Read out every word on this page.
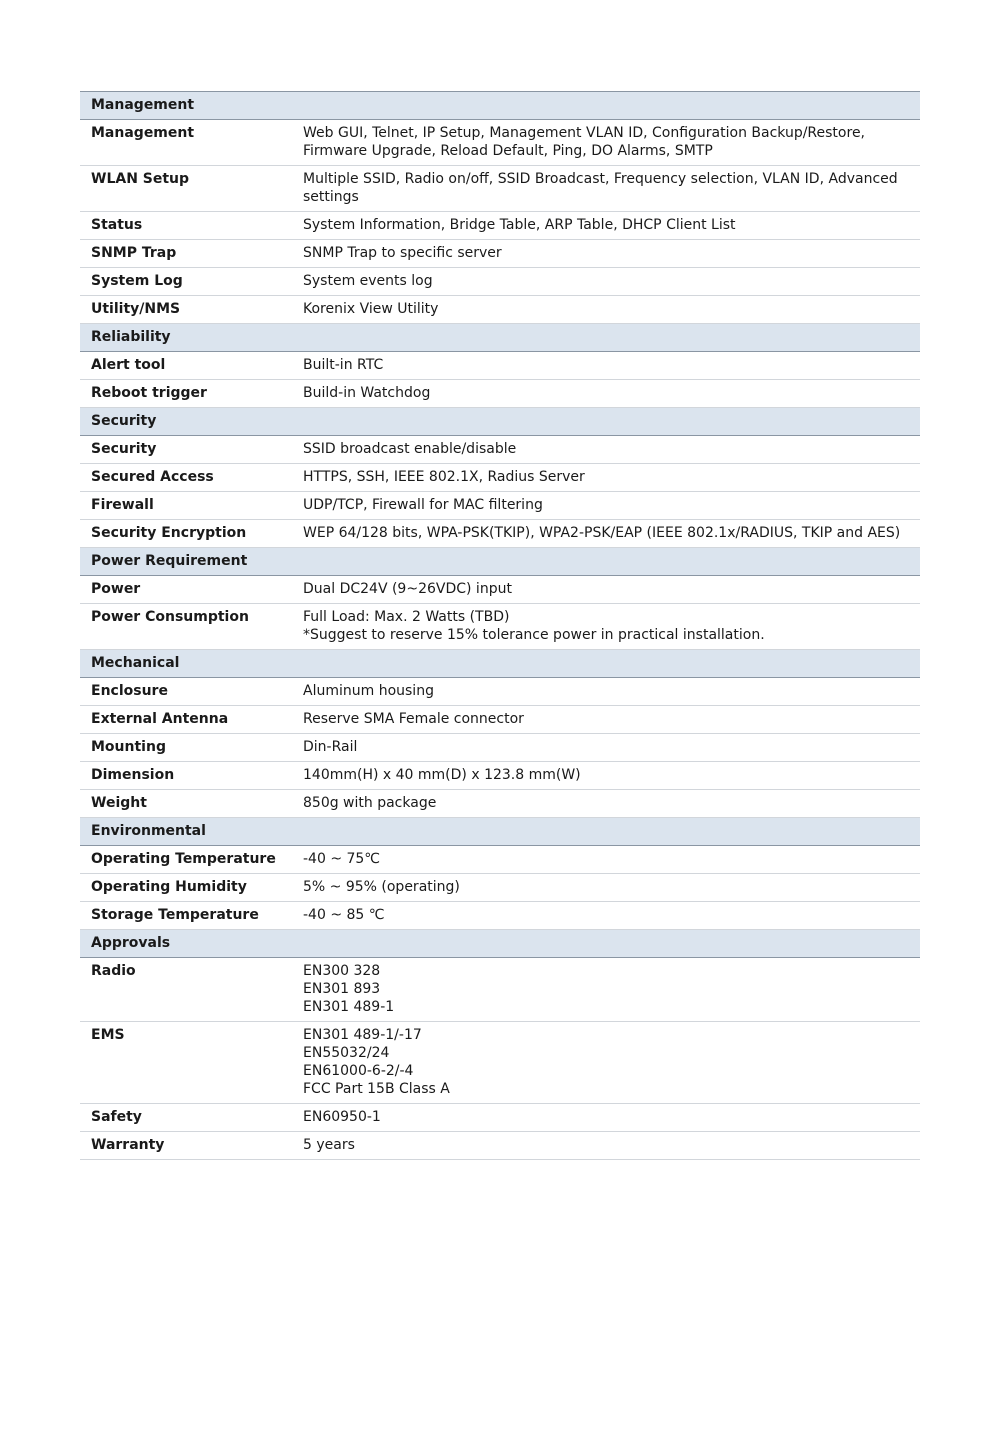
Management
Management	Web GUI, Telnet, IP Setup, Management VLAN ID, Configuration Backup/Restore,
Firmware Upgrade, Reload Default, Ping, DO Alarms, SMTP
WLAN Setup	Multiple SSID, Radio on/off, SSID Broadcast, Frequency selection, VLAN ID, Advanced
settings
Status	System Information, Bridge Table, ARP Table, DHCP Client List
SNMP Trap	SNMP Trap to specific server
System Log	System events log
Utility/NMS	Korenix View Utility
Reliability
Alert tool	Built-in RTC
Reboot trigger	Build-in Watchdog
Security
Security	SSID broadcast enable/disable
Secured Access	HTTPS, SSH, IEEE 802.1X, Radius Server
Firewall	UDP/TCP, Firewall for MAC filtering
Security Encryption	WEP 64/128 bits, WPA-PSK(TKIP), WPA2-PSK/EAP (IEEE 802.1x/RADIUS, TKIP and AES)
Power Requirement
Power	Dual DC24V (9~26VDC) input
Power Consumption	Full Load: Max. 2 Watts (TBD)
*Suggest to reserve 15% tolerance power in practical installation.
Mechanical
Enclosure	Aluminum housing
External Antenna	Reserve SMA Female connector
Mounting	Din-Rail
Dimension	140mm(H) x 40 mm(D) x 123.8 mm(W)
Weight	850g with package
Environmental
Operating Temperature	-40 ~ 75℃
Operating Humidity	5% ~ 95% (operating)
Storage Temperature	-40 ~ 85 ℃
Approvals
Radio	EN300 328
EN301 893
EN301 489-1
EMS	EN301 489-1/-17
EN55032/24
EN61000-6-2/-4
FCC Part 15B Class A
Safety	EN60950-1
Warranty	5 years
